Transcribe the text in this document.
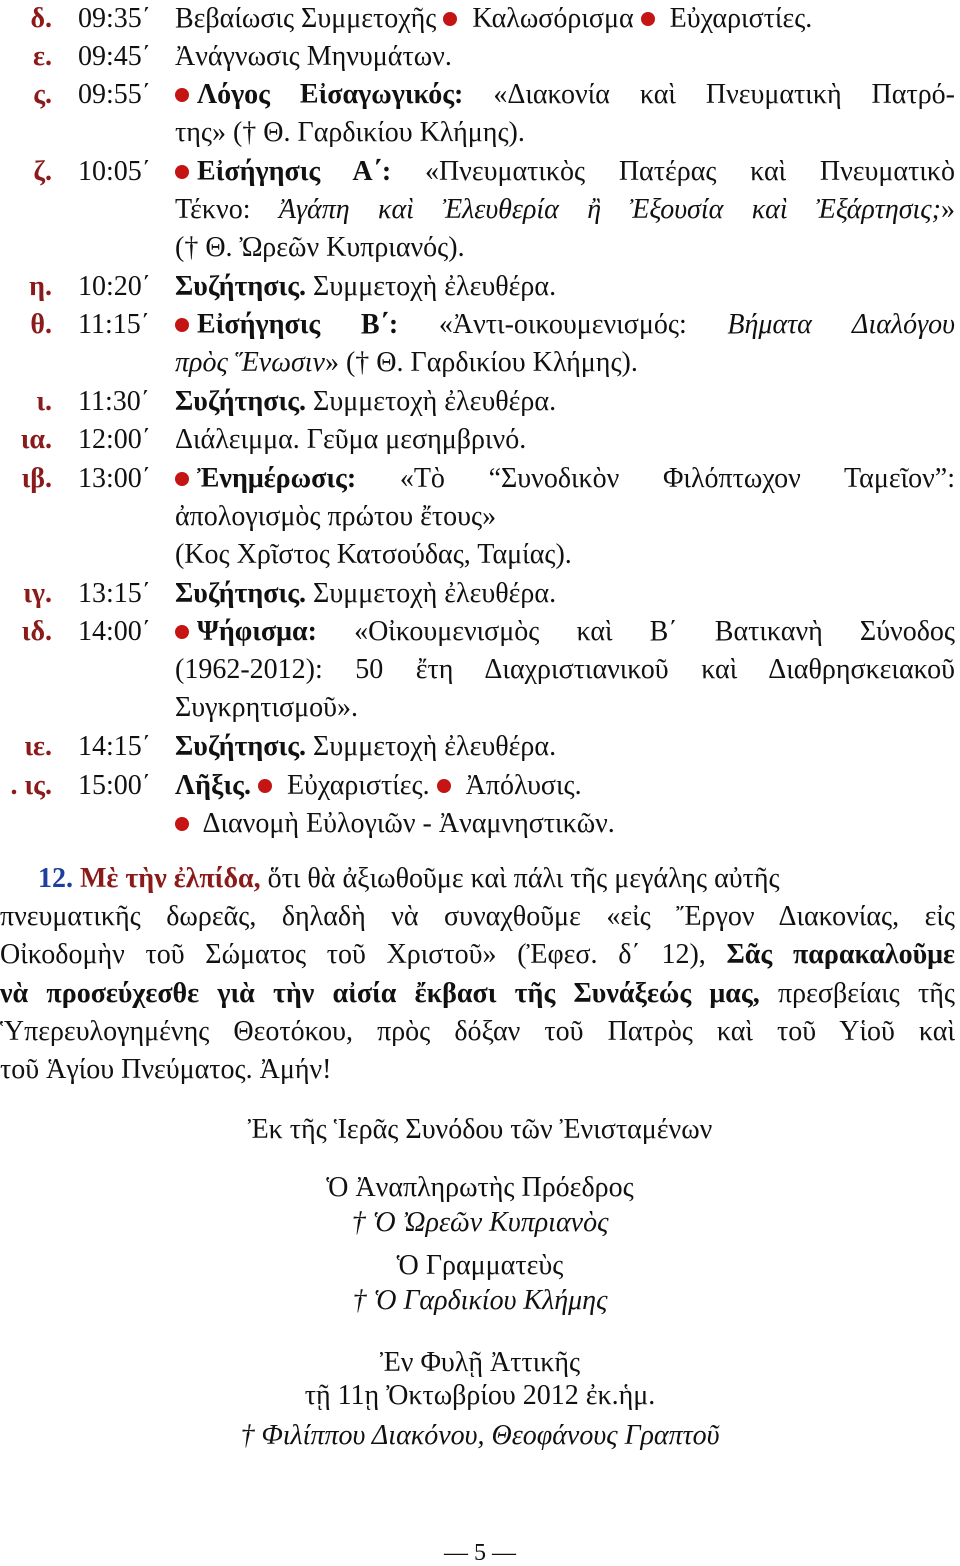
δ. 09:35΄ Βεβαίωσις Συμμετοχῆς  Καλωσόρισμα  Εὐχαριστίες.
ε. 09:45΄ Ἀνάγνωσις Μηνυμάτων.
ς. 09:55΄	Λόγος Εἰσαγωγικός: «Διακονία καὶ Πνευματικὴ Πατρό-
της» († Θ. Γαρδικίου Κλήμης).
ζ. 10:05΄	Εἰσήγησις Α΄: «Πνευματικὸς Πατέρας καὶ Πνευματικὸ
Τέκνο: Ἀγάπη καὶ Ἐλευθερία ἢ Ἐξουσία καὶ Ἐξάρτησις;»
(† Θ. Ὠρεῶν Κυπριανός).
η. 10:20΄ Συζήτησις. Συμμετοχὴ ἐλευθέρα.
θ. 11:15΄	Εἰσήγησις Β΄: «Ἀντι-οικουμενισμός: Βήματα Διαλόγου
πρὸς Ἕνωσιν» († Θ. Γαρδικίου Κλήμης).
ι. 11:30΄ Συζήτησις. Συμμετοχὴ ἐλευθέρα.
ια. 12:00΄ Διάλειμμα. Γεῦμα μεσημβρινό.
ιβ. 13:00΄	Ἐνημέρωσις: «Τὸ “Συνοδικὸν Φιλόπτωχον Ταμεῖον”:
ἀπολογισμὸς πρώτου ἔτους»
(Κος Χρῖστος Κατσούδας, Ταμίας).
ιγ. 13:15΄ Συζήτησις. Συμμετοχὴ ἐλευθέρα.
ιδ. 14:00΄	Ψήφισμα: «Οἰκουμενισμὸς καὶ Β΄ Βατικανὴ Σύνοδος
(1962-2012): 50 ἔτη Διαχριστιανικοῦ καὶ Διαθρησκειακοῦ
Συγκρητισμοῦ».
ιε. 14:15΄ Συζήτησις. Συμμετοχὴ ἐλευθέρα.
. ις. 15:00΄ Λῆξις.  Εὐχαριστίες.  Ἀπόλυσις.
Διανομὴ Εὐλογιῶν - Ἀναμνηστικῶν.
12. Μὲ τὴν ἐλπίδα, ὅτι θὰ ἀξιωθοῦμε καὶ πάλι τῆς μεγάλης αὐτῆς
πνευματικῆς δωρεᾶς, δηλαδὴ νὰ συναχθοῦμε «εἰς Ἔργον Διακονίας, εἰς
Οἰκοδομὴν τοῦ Σώματος τοῦ Χριστοῦ» (Ἐφεσ. δ΄ 12), Σᾶς παρακαλοῦμε
νὰ προσεύχεσθε γιὰ τὴν αἰσία ἔκβασι τῆς Συνάξεώς μας, πρεσβείαις τῆς
Ὑπερευλογημένης Θεοτόκου, πρὸς δόξαν τοῦ Πατρὸς καὶ τοῦ Υἱοῦ καὶ
τοῦ Ἁγίου Πνεύματος. Ἀμήν!
Ἐκ τῆς Ἱερᾶς Συνόδου τῶν Ἐνισταμένων
Ὁ Ἀναπληρωτὴς Πρόεδρος
† Ὁ Ὠρεῶν Κυπριανὸς
Ὁ Γραμματεὺς
† Ὁ Γαρδικίου Κλήμης
Ἐν Φυλῇ Ἀττικῆς
τῇ 11ῃ Ὀκτωβρίου 2012 ἐκ.ἡμ.
† Φιλίππου Διακόνου, Θεοφάνους Γραπτοῦ
— 5 —
